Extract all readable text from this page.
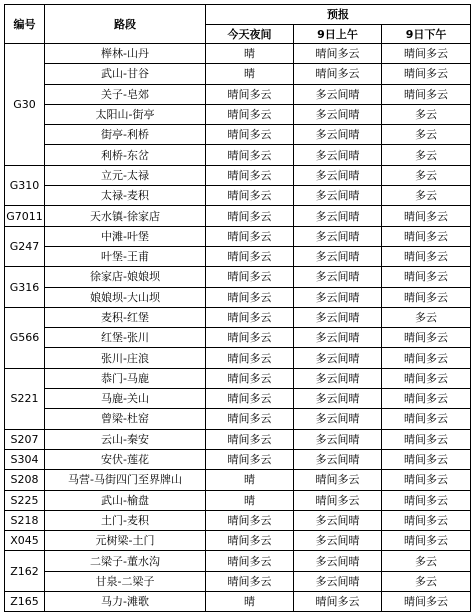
编号	路段	预报		
		今天夜间	9日上午	9日下午
G30	榉林-山丹	晴	晴间多云	晴间多云
	武山-甘谷	晴	晴间多云	晴间多云
	关子-皂郊	晴间多云	多云间晴	晴间多云
	太阳山-街亭	晴间多云	多云间晴	多云
	街亭-利桥	晴间多云	多云间晴	多云
	利桥-东岔	晴间多云	多云间晴	多云
G310	立元-太禄	晴间多云	多云间晴	多云
	太禄-麦积	晴间多云	多云间晴	多云
G7011	天水镇-徐家店	晴间多云	多云间晴	晴间多云
G247	中滩-叶堡	晴间多云	多云间晴	晴间多云
	叶堡-王甫	晴间多云	多云间晴	晴间多云
G316	徐家店-娘娘坝	晴间多云	多云间晴	晴间多云
	娘娘坝-大山坝	晴间多云	多云间晴	晴间多云
G566	麦积-红堡	晴间多云	多云间晴	多云
	红堡-张川	晴间多云	多云间晴	晴间多云
	张川-庄浪	晴间多云	多云间晴	晴间多云
S221	恭门-马鹿	晴间多云	多云间晴	晴间多云
	马鹿-关山	晴间多云	多云间晴	晴间多云
	曾梁-杜窑	晴间多云	多云间晴	晴间多云
S207	云山-秦安	晴间多云	多云间晴	晴间多云
S304	安伏-莲花	晴间多云	多云间晴	晴间多云
S208	马营-马街四门至界牌山	晴	晴间多云	晴间多云
S225	武山-榆盘	晴	晴间多云	晴间多云
S218	土门-麦积	晴间多云	多云间晴	晴间多云
X045	元树梁-土门	晴间多云	多云间晴	晴间多云
Z162	二梁子-董水沟	晴间多云	多云间晴	多云
	甘泉-二梁子	晴间多云	多云间晴	多云
Z165	马力-滩歌	晴	晴间多云	晴间多云
